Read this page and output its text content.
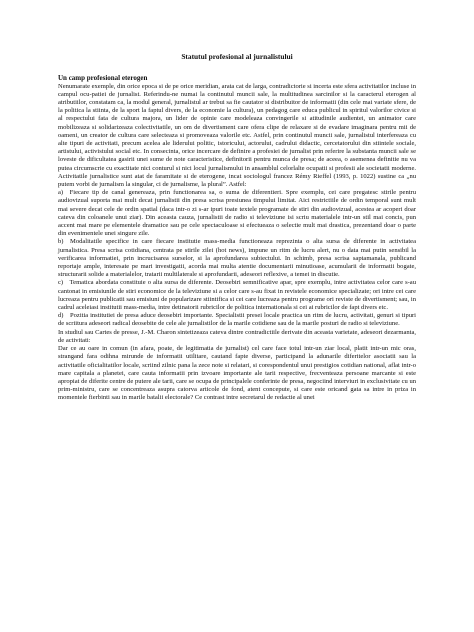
Statutul profesional al jurnalistului
Un camp profesional eterogen

Nenumarate exemple, din orice epoca si de pe orice meridian, arata cat de larga, contradictorie si incerta este sfera activitatilor incluse in campul ocu-patiei de jurnalist. Referindu-ne numai la continutul muncii sale, la multitudinea sarcinilor si la caracterul eterogen al atributiilor, constatam ca, la modul general, jurnalistul ar trebui sa fie cautator si distribuitor de informatii (din cele mai variate sfere, de la politica la stiinta, de la sport la faptul divers, de la economie la cultura), un pedagog care educa publicul in spiritul valorilor civice si al respectului fata de cultura majora, un lider de opinie care modeleaza convingerile si atitudinile audientei, un animator care mobilizeaza si solidarizeaza colectivitatile, un om de divertisment care ofera clipe de relaxare si de evadare imaginara pentru mii de oameni, un creator de cultura care selecteaza si promoveaza valorile etc. Astfel, prin continutul muncii sale, jurnalistul interfereaza cu alte tipuri de activitati, precum acelea ale liderului politic, istoricului, actorului, cadrului didactic, cercetatorului din stiintele sociale, artistului, activistului social etc. In consecinta, orice incercare de definire a profesiei de jurnalist prin referire la substanta muncii sale se loveste de dificultatea gasirii unei sume de note caracteristice, definitorii pentru munca de presa; de aceea, o asemenea definitie nu va putea circumscrie cu exactitate nici conturul si nici locul jurnalismului in ansamblul celorlalte ocupatii si profesii ale societatii moderne. Activitatile jurnalistice sunt atat de faramitate si de eterogene, incat sociologul francez Rémy Rieffel (1993, p. 1022) sustine ca „nu putem vorbi de jurnalism la singular, ci de jurnalisme, la plural”. Astfel:

a) Fiecare tip de canal genereaza, prin functionarea sa, o suma de diferentieri. Spre exemplu, cei care pregatesc stirile pentru audiovizual suporta mai mult decat jurnalistii din presa scrisa presiunea timpului limitat. Aici restrictiile de ordin temporal sunt mult mai severe decat cele de ordin spatial (daca intr-o zi s-ar ipuri toate textele programate de stiri din audiovizual, acestea ar acoperi doar cateva din coloanele unui ziar). Din aceasta cauza, jurnalistii de radio si televiziune isi scriu materialele intr-un stil mai concis, pun accent mai mare pe elementele dramatice sau pe cele spectaculoase si efectueaza o selectie mult mai drastica, prezentand doar o parte din evenimentele unei singure zile.

b) Modalitatile specifice in care fiecare institutie mass-media functioneaza reprezinta o alta sursa de diferente in activitatea jurnalistica. Presa scrisa cotidiana, centrata pe stirile zilei (hot news), impune un ritm de lucru alert, nu o data mai putin sensibil la verificarea informatiei, prin incrucisarea surselor, si la aprofundarea subiectului. In schimb, presa scrisa saptamanala, publicand reportaje ample, interesate pe mari investigatii, acorda mai multa atentie documentarii minutioase, acumularii de informatii bogate, structurarii solide a materialelor, tratarii multilaterale si aprofundarii, adeseori reflexive, a temei in discutie.

c) Tematica abordata constituie o alta sursa de diferente. Deosebiri semnificative apar, spre exemplu, intre activitatea celor care s-au cantonat in emisiunile de stiri economice de la televiziune si a celor care s-au fixat in revistele economice specializate; ori intre cei care lucreaza pentru publicatii sau emisiuni de popularizare stiintifica si cei care lucreaza pentru programe ori reviste de divertisment; sau, in cadrul aceleiasi institutii mass-media, intre detinatorii rubricilor de politica internationala si cei ai rubricilor de fapt divers etc.

d) Pozitia institutiei de presa aduce deosebiri importante. Specialistii presei locale practica un ritm de lucru, activitati, genuri si tipuri de scriitura adeseori radical deosebite de cele ale jurnalistilor de la marile cotidiene sau de la marile posturi de radio si televiziune.

In studiul sau Cartes de presse, J.-M. Charon sintetizeaza cateva dintre contradictiile derivate din aceasta varietate, adeseori dezarmanta, de activitati:

Dar ce au oare in comun (in afara, poate, de legitimatia de jurnalist) cel care face totul intr-un ziar local, platit intr-un mic oras, strangand fara odihna mirunde de informatii utilitare, cautand fapte diverse, participand la adunarile diferitelor asociatii sau la activitatile oficialitatilor locale, scriind zilnic pana la zece note si relatari, si corespondentul unui prestigios cotidian national, aflat intr-o mare capitala a planetei, care cauta informatii prin izvoare importante ale tarii respective, frecventeaza persoane marcante si este apropiat de diferite centre de putere ale tarii, care se ocupa de principalele conferinte de presa, negociind interviuri in exclusivitate cu un prim-ministru, care se concentreaza asupra catorva articole de fond, atent concepute, si care este oricand gata sa intre in priza in momentele fierbinti sau in marile batalii electorale? Ce contrast intre secretarul de redactie al unei
